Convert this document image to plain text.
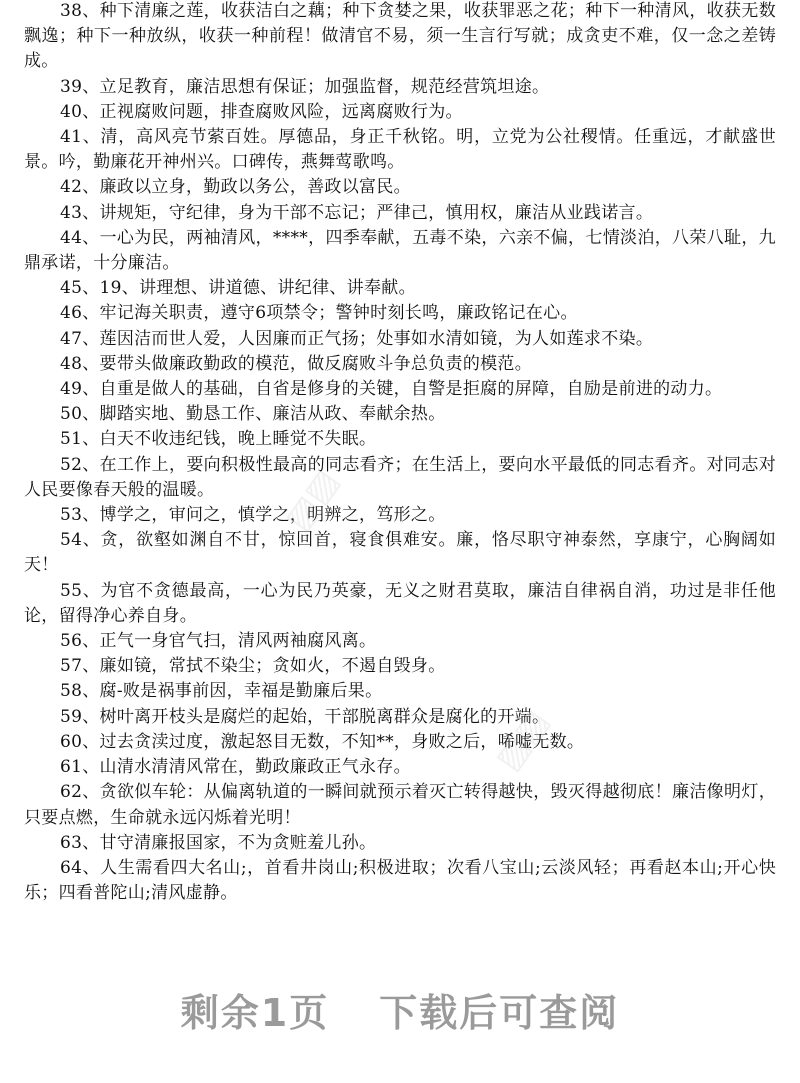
38、种下清廉之莲，收获洁白之藕；种下贪婪之果，收获罪恶之花；种下一种清风，收获无数飘逸；种下一种放纵，收获一种前程！做清官不易，须一生言行写就；成贪吏不难，仅一念之差铸成。

39、立足教育，廉洁思想有保证；加强监督，规范经营筑坦途。

40、正视腐败问题，排查腐败风险，远离腐败行为。

41、清，高风亮节萦百姓。厚德品，身正千秋铭。明，立党为公社稷情。任重远，才献盛世景。吟，勤廉花开神州兴。口碑传，燕舞莺歌鸣。

42、廉政以立身，勤政以务公，善政以富民。

43、讲规矩，守纪律，身为干部不忘记；严律己，慎用权，廉洁从业践诺言。

44、一心为民，两袖清风，****，四季奉献，五毒不染，六亲不偏，七情淡泊，八荣八耻，九鼎承诺，十分廉洁。

45、19、讲理想、讲道德、讲纪律、讲奉献。

46、牢记海关职责，遵守6项禁令；警钟时刻长鸣，廉政铭记在心。

47、莲因洁而世人爱，人因廉而正气扬；处事如水清如镜，为人如莲求不染。

48、要带头做廉政勤政的模范，做反腐败斗争总负责的模范。

49、自重是做人的基础，自省是修身的关键，自警是拒腐的屏障，自励是前进的动力。

50、脚踏实地、勤恳工作、廉洁从政、奉献余热。

51、白天不收违纪钱，晚上睡觉不失眠。

52、在工作上，要向积极性最高的同志看齐；在生活上，要向水平最低的同志看齐。对同志对人民要像春天般的温暖。

53、博学之，审问之，慎学之，明辨之，笃形之。

54、贪，欲壑如渊自不甘，惊回首，寝食俱难安。廉，恪尽职守神泰然，享康宁，心胸阔如天！

55、为官不贪德最高，一心为民乃英豪，无义之财君莫取，廉洁自律祸自消，功过是非任他论，留得净心养自身。

56、正气一身官气扫，清风两袖腐风离。

57、廉如镜，常拭不染尘；贪如火，不遏自毁身。

58、腐-败是祸事前因，幸福是勤廉后果。

59、树叶离开枝头是腐烂的起始，干部脱离群众是腐化的开端。

60、过去贪渎过度，激起怒目无数，不知**，身败之后，唏嘘无数。

61、山清水清清风常在，勤政廉政正气永存。

62、贪欲似车轮：从偏离轨道的一瞬间就预示着灭亡转得越快，毁灭得越彻底！廉洁像明灯，只要点燃，生命就永远闪烁着光明！

63、甘守清廉报国家，不为贪赃羞儿孙。

64、人生需看四大名山;，首看井岗山;积极进取；次看八宝山;云淡风轻；再看赵本山;开心快乐；四看普陀山;清风虚静。

▨▨
▨▨
剩余1页 下载后可查阅
